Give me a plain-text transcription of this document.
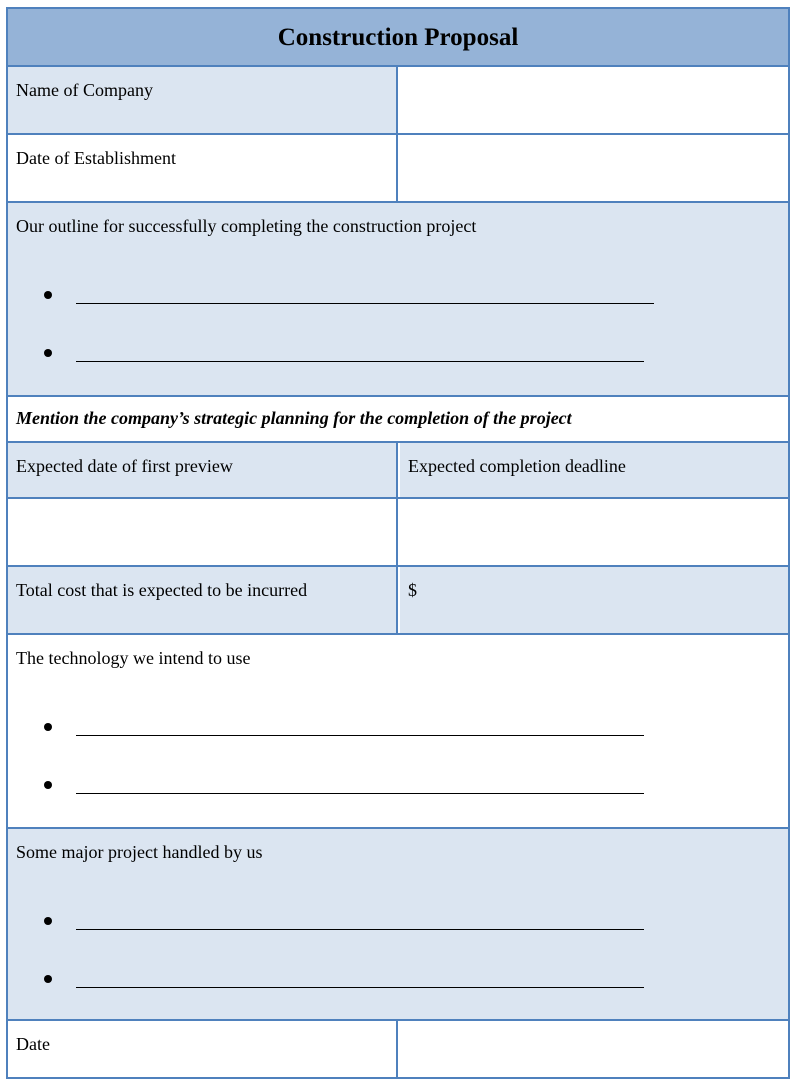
Construction Proposal
Name of Company
Date of Establishment
Our outline for successfully completing the construction project
Mention the company’s strategic planning for the completion of the project
Expected date of first preview	Expected completion deadline
Total cost that is expected to be incurred	$
The technology we intend to use
Some major project handled by us
Date
